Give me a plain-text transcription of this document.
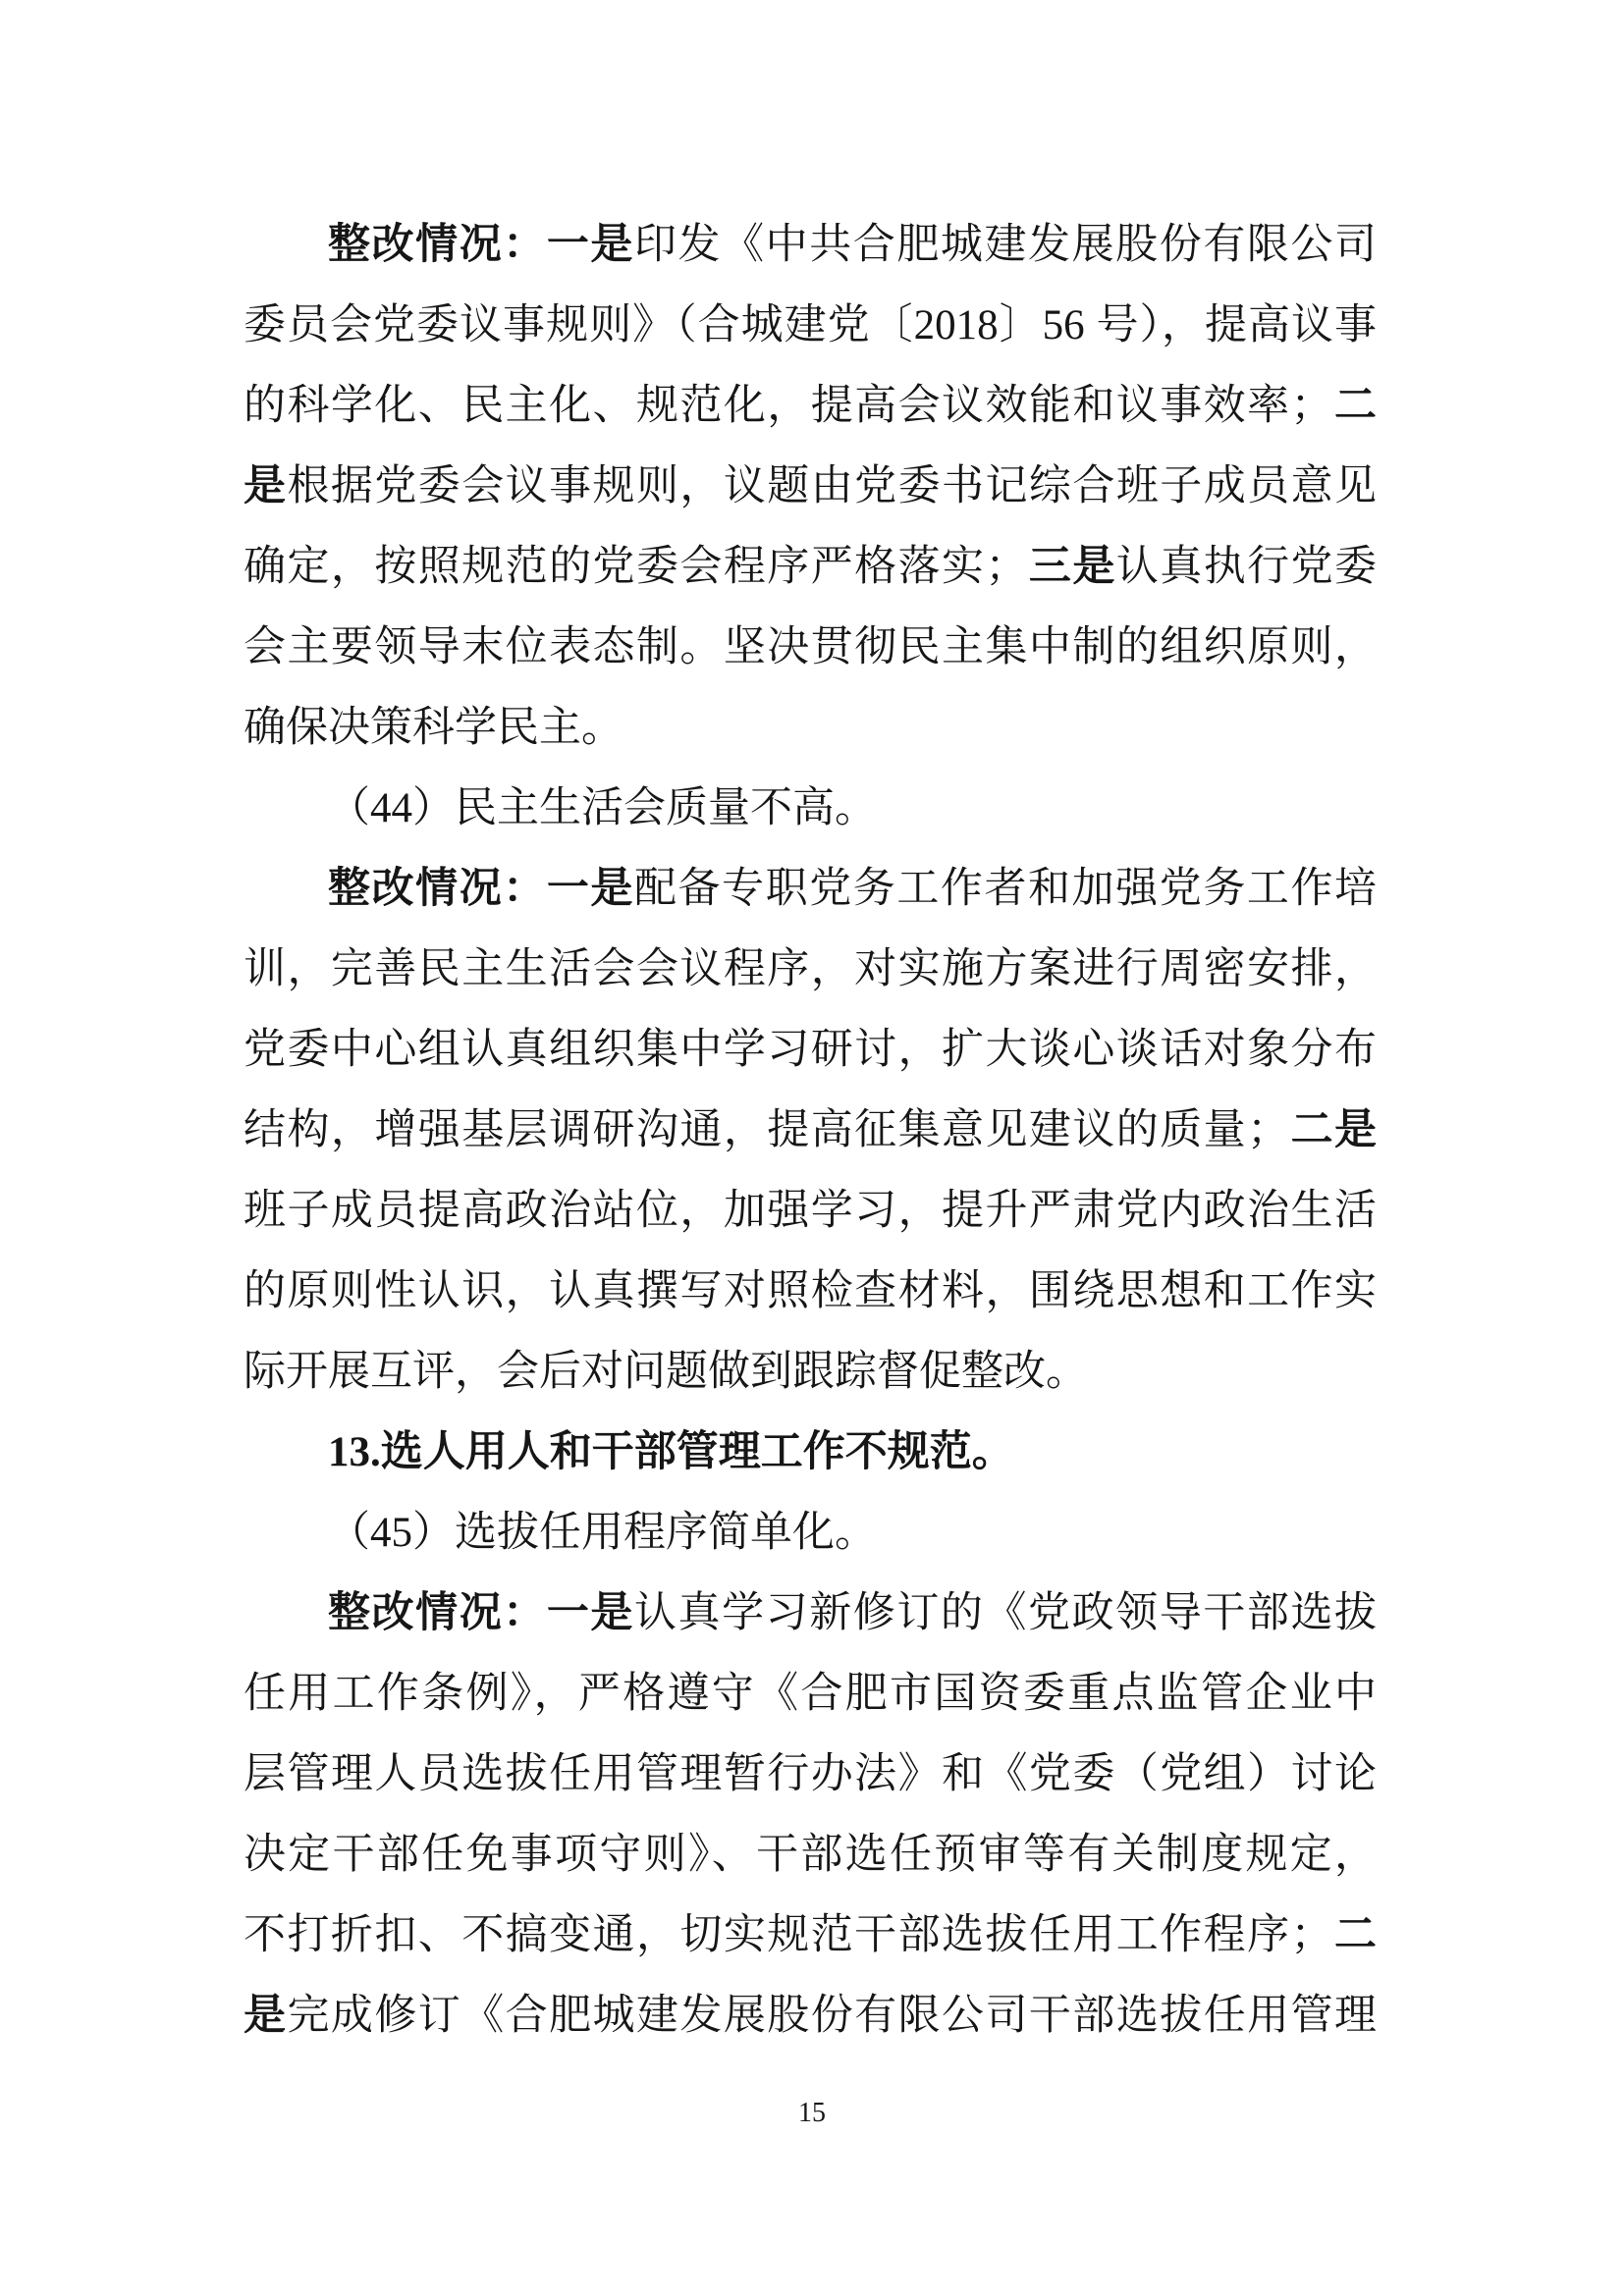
整改情况：一是印发《中共合肥城建发展股份有限公司
委员会党委议事规则》（合城建党〔2018〕56 号），提高议事
的科学化、民主化、规范化，提高会议效能和议事效率；二
是根据党委会议事规则，议题由党委书记综合班子成员意见
确定，按照规范的党委会程序严格落实；三是认真执行党委
会主要领导末位表态制。坚决贯彻民主集中制的组织原则，
确保决策科学民主。
（44）民主生活会质量不高。
整改情况：一是配备专职党务工作者和加强党务工作培
训，完善民主生活会会议程序，对实施方案进行周密安排，
党委中心组认真组织集中学习研讨，扩大谈心谈话对象分布
结构，增强基层调研沟通，提高征集意见建议的质量；二是
班子成员提高政治站位，加强学习，提升严肃党内政治生活
的原则性认识，认真撰写对照检查材料，围绕思想和工作实
际开展互评，会后对问题做到跟踪督促整改。
13.选人用人和干部管理工作不规范。
（45）选拔任用程序简单化。
整改情况：一是认真学习新修订的《党政领导干部选拔
任用工作条例》，严格遵守《合肥市国资委重点监管企业中
层管理人员选拔任用管理暂行办法》和《党委（党组）讨论
决定干部任免事项守则》、干部选任预审等有关制度规定，
不打折扣、不搞变通，切实规范干部选拔任用工作程序；二
是完成修订《合肥城建发展股份有限公司干部选拔任用管理
15
